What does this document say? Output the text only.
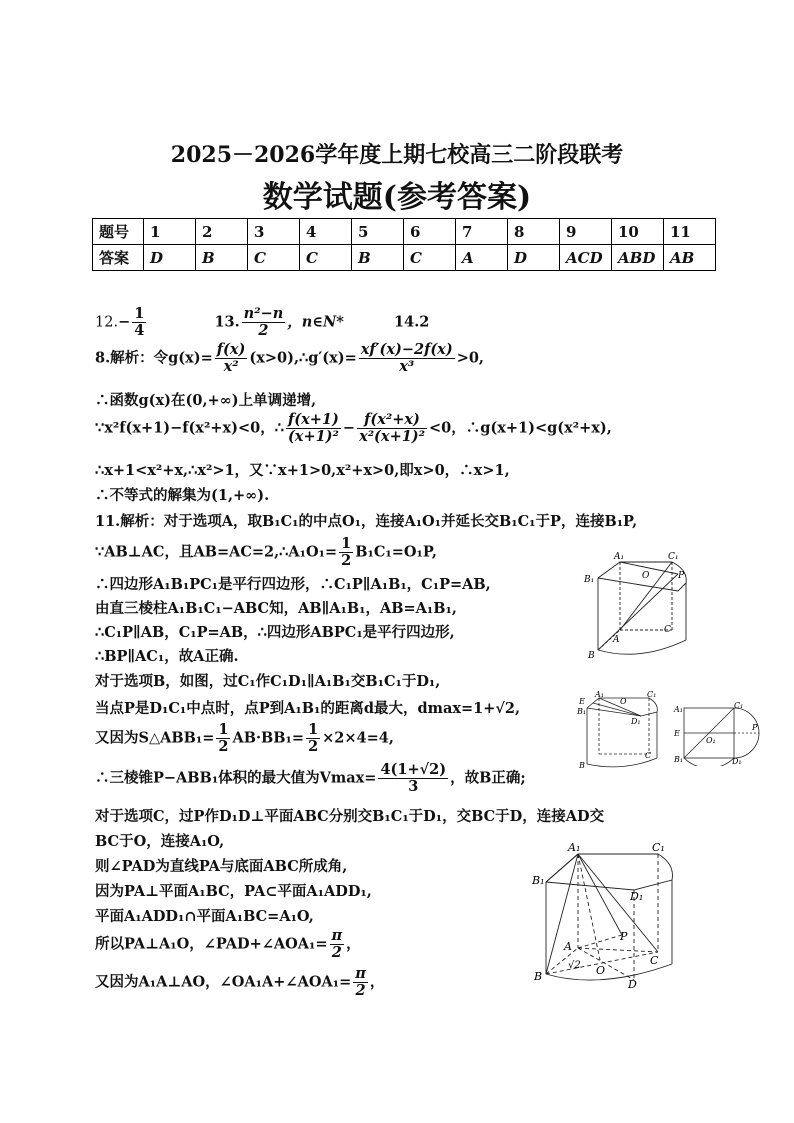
2025－2026学年度上期七校高三二阶段联考
数学试题(参考答案)
题号	1	2	3	4	5	6	7	8	9	10	11
答案	D	B	C	C	B	C	A	D	ACD	ABD	AB
$12.- \frac{1}{4}$	13. $\frac{\text{n²−n}}{2}$ ，n∈N*	14.2
8.解析：令$g(x)= \frac{f(x)}{\text{x²}}$ (x>0),∴g′(x)= $\frac{xf'(x)-2f(x)}{\text{x³}} >0$,
∴函数g(x)在(0,+∞)上单调递增,
∵x²f(x+1)−f(x²+x)<0，∴ $\frac{f(x+1)}{\text{(x+1)²}} - \frac{\text{f(x²+x)}}{\text{x²(x+1)²}} <0$，∴g(x+1)<g(x²+x),
∴x+1<x²+x,∴x²>1，又∵x+1>0,x²+x>0,即x>0，∴x>1,
∴不等式的解集为(1,+∞).
11.解析：对于选项A，取B₁C₁的中点O₁，连接A₁O₁并延长交B₁C₁于P，连接B₁P,
∵AB⊥AC，且AB=AC=2,∴A₁O₁= $\frac{1}{2} B_1C_1=O_1P$,
∴四边形A₁B₁PC₁是平行四边形，∴C₁P∥A₁B₁，C₁P=AB,
由直三棱柱A₁B₁C₁−ABC知，AB∥A₁B₁，AB=A₁B₁,
∴C₁P∥AB，C₁P=AB，∴四边形ABPC₁是平行四边形,
∴BP∥AC₁，故A正确.
对于选项B，如图，过C₁作C₁D₁∥A₁B₁交B₁C₁于D₁,
当点P是D₁C₁中点时，点P到A₁B₁的距离d最大，dmax=1+√2,
又因为S△ABB₁= $\frac{1}{2} AB\cdot BB_1= \frac{1}{2} \times 2\times 4=4$,
∴三棱锥P−ABB₁体积的最大值为$Vmax= \frac{4(1+√2)}{3}$ ，故B正确;
对于选项C，过P作D₁D⊥平面ABC分别交B₁C₁于D₁，交BC于D，连接AD交
BC于O，连接A₁O,
则∠PAD为直线PA与底面ABC所成角,
因为PA⊥平面A₁BC，PA⊂平面A₁ADD₁,
平面A₁ADD₁∩平面A₁BC=A₁O,
所以PA⊥A₁O，∠PAD+∠AOA₁= $\frac{\pi}{2}$ ，
又因为A₁A⊥AO，∠OA₁A+∠AOA₁= $\frac{\pi}{2}$ ，
A₁	C₁
B₁	O	P
A
B
C
A₁
O
C₁
E
B₁
D₁
C
B
A₁	C₁
E
O₁
P
B₁	D₁
A₁	C₁
B₁
D₁
P
A
√2 O
C
B
D
